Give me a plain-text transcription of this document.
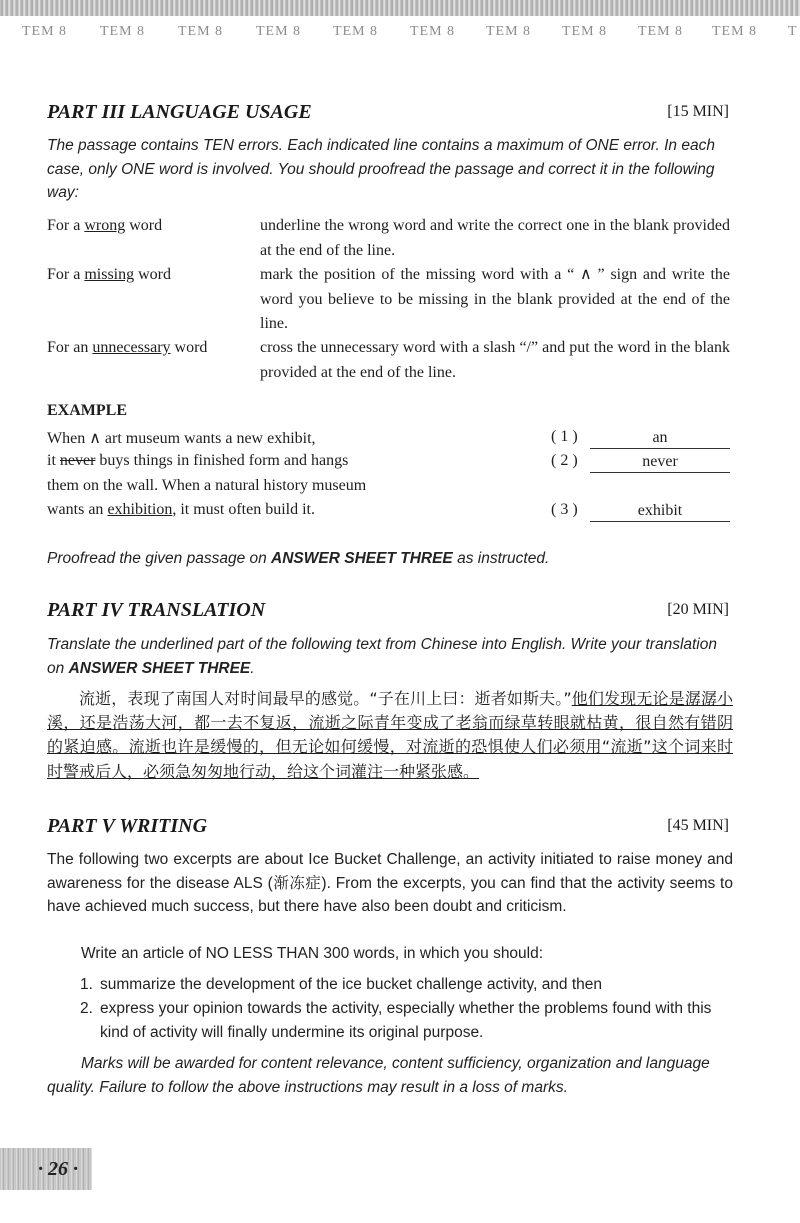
TEM 8 TEM 8 TEM 8 TEM 8 TEM 8 TEM 8 TEM 8 TEM 8 TEM 8 TEM 8 T
PART III LANGUAGE USAGE	[15 MIN]

The passage contains TEN errors. Each indicated line contains a maximum of ONE error. In each case, only ONE word is involved. You should proofread the passage and correct it in the following way:

For a wrong word	underline the wrong word and write the correct one in the blank provided at the end of the line.
For a missing word	mark the position of the missing word with a “ ∧ ” sign and write the word you believe to be missing in the blank provided at the end of the line.
For an unnecessary word	cross the unnecessary word with a slash “/” and put the word in the blank provided at the end of the line.
EXAMPLE
When ∧ art museum wants a new exhibit,
it never buys things in finished form and hangs
them on the wall. When a natural history museum
wants an exhibition, it must often build it.
( 1 )	an
( 2 )	never
( 3 )	exhibit

Proofread the given passage on ANSWER SHEET THREE as instructed.

PART IV TRANSLATION	[20 MIN]

Translate the underlined part of the following text from Chinese into English. Write your translation on ANSWER SHEET THREE.

流逝，表现了南国人对时间最早的感觉。“子在川上曰：逝者如斯夫。”他们发现无论是潺潺小溪，还是浩荡大河，都一去不复返，流逝之际青年变成了老翁而绿草转眼就枯黄，很自然有错阴的紧迫感。流逝也许是缓慢的，但无论如何缓慢，对流逝的恐惧使人们必须用“流逝”这个词来时时警戒后人，必须急匆匆地行动，给这个词灌注一种紧张感。

PART V WRITING	[45 MIN]

The following two excerpts are about Ice Bucket Challenge, an activity initiated to raise money and awareness for the disease ALS (渐冻症). From the excerpts, you can find that the activity seems to have achieved much success, but there have also been doubt and criticism.

Write an article of NO LESS THAN 300 words, in which you should:

1. summarize the development of the ice bucket challenge activity, and then
2. express your opinion towards the activity, especially whether the problems found with this kind of activity will finally undermine its original purpose.

Marks will be awarded for content relevance, content sufficiency, organization and language quality. Failure to follow the above instructions may result in a loss of marks.

· 26 ·
